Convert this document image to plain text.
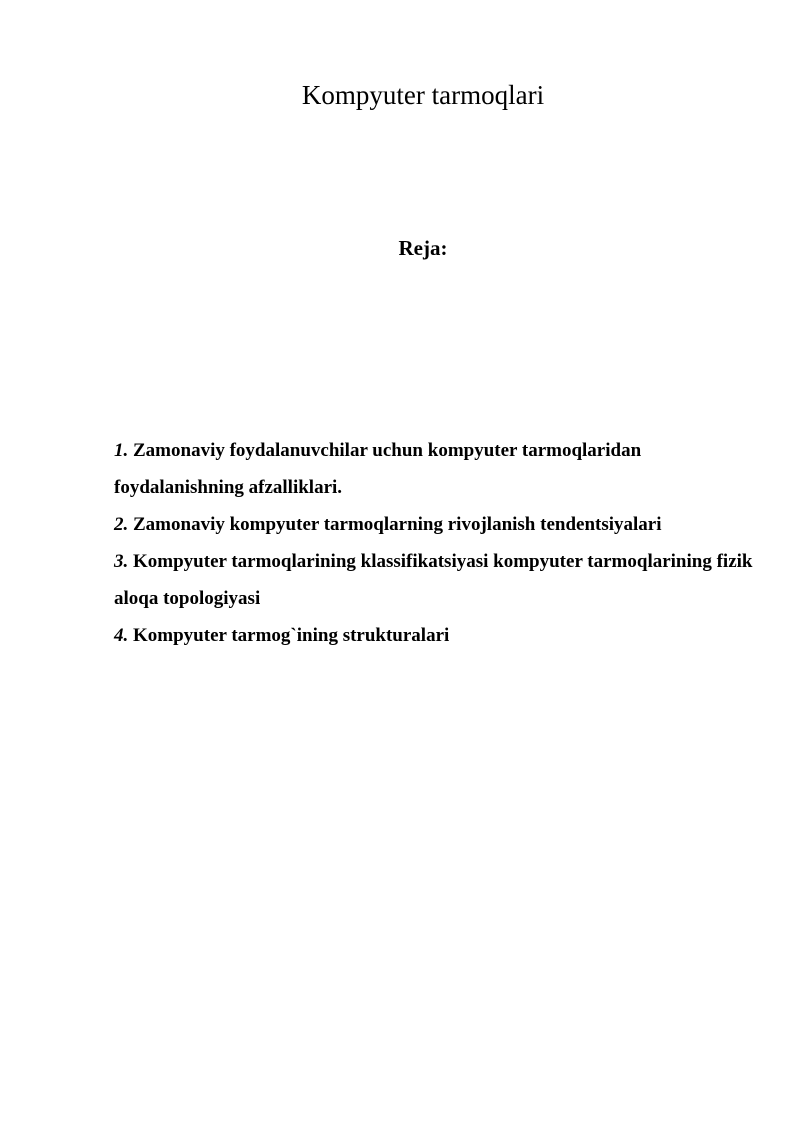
Kompyuter tarmoqlari
Reja:
1. Zamonaviy foydalanuvchilar uchun kompyuter tarmoqlaridan foydalanishning afzalliklari.
2. Zamonaviy kompyuter tarmoqlarning rivojlanish tendentsiyalari
3. Kompyuter tarmoqlarining klassifikatsiyasi kompyuter tarmoqlarining fizik aloqa topologiyasi
4. Kompyuter tarmog`ining strukturalari
